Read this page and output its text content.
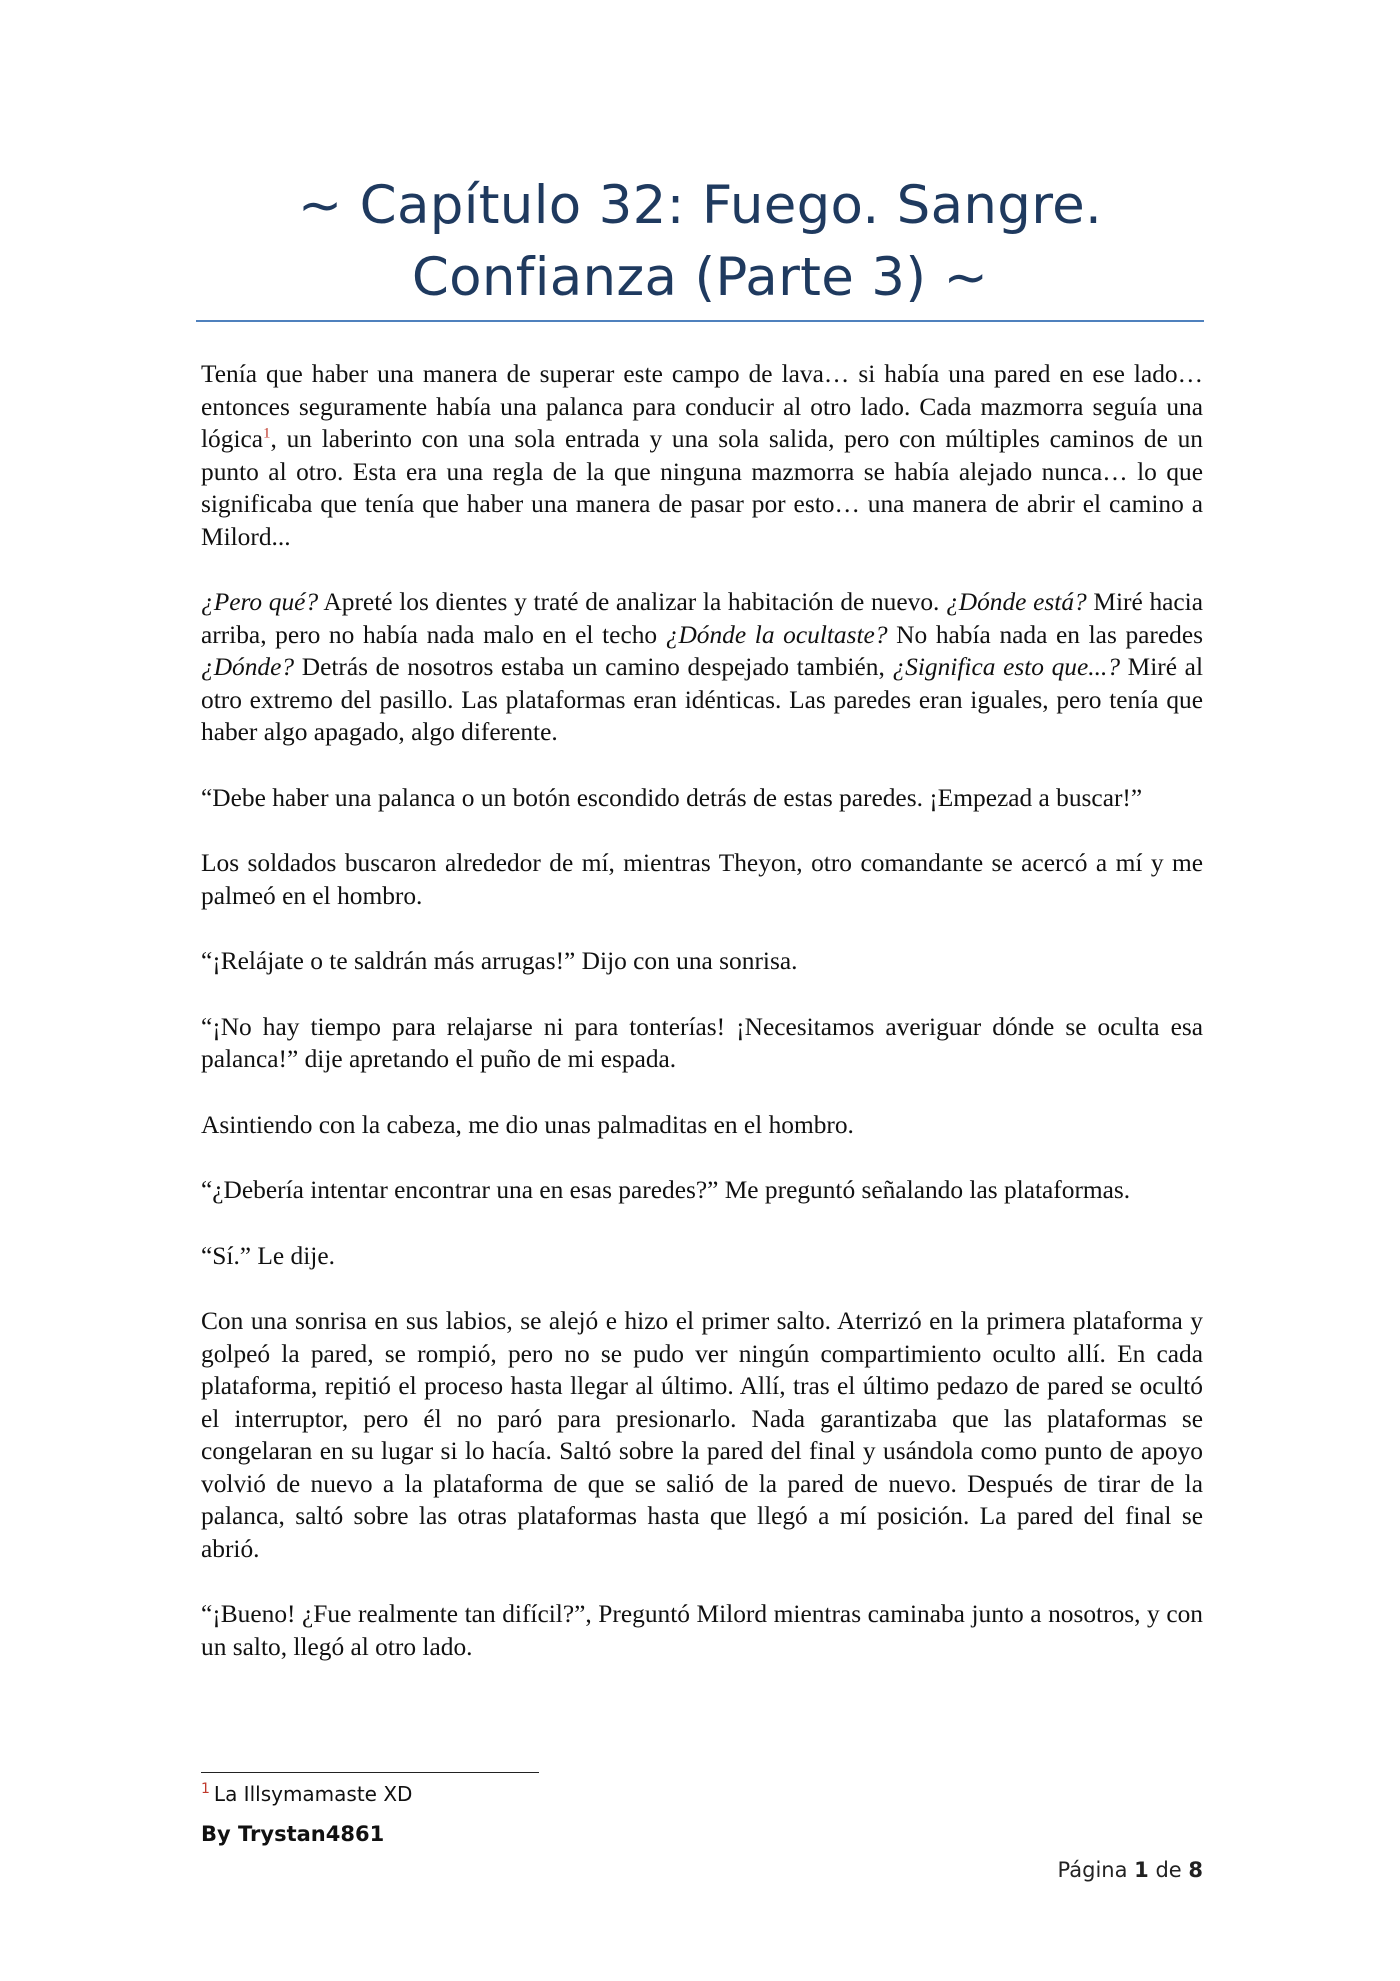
~ Capítulo 32: Fuego. Sangre.
Confianza (Parte 3) ~

Tenía que haber una manera de superar este campo de lava… si había una pared en ese lado… entonces seguramente había una palanca para conducir al otro lado. Cada mazmorra seguía una lógica$^1$, un laberinto con una sola entrada y una sola salida, pero con múltiples caminos de un punto al otro. Esta era una regla de la que ninguna mazmorra se había alejado nunca… lo que significaba que tenía que haber una manera de pasar por esto… una manera de abrir el camino a Milord...

¿Pero qué? Apreté los dientes y traté de analizar la habitación de nuevo. ¿Dónde está? Miré hacia arriba, pero no había nada malo en el techo ¿Dónde la ocultaste? No había nada en las paredes ¿Dónde? Detrás de nosotros estaba un camino despejado también, ¿Significa esto que...? Miré al otro extremo del pasillo. Las plataformas eran idénticas. Las paredes eran iguales, pero tenía que haber algo apagado, algo diferente.

“Debe haber una palanca o un botón escondido detrás de estas paredes. ¡Empezad a buscar!”

Los soldados buscaron alrededor de mí, mientras Theyon, otro comandante se acercó a mí y me palmeó en el hombro.

“¡Relájate o te saldrán más arrugas!” Dijo con una sonrisa.

“¡No hay tiempo para relajarse ni para tonterías! ¡Necesitamos averiguar dónde se oculta esa palanca!” dije apretando el puño de mi espada.

Asintiendo con la cabeza, me dio unas palmaditas en el hombro.

“¿Debería intentar encontrar una en esas paredes?” Me preguntó señalando las plataformas.

“Sí.” Le dije.

Con una sonrisa en sus labios, se alejó e hizo el primer salto. Aterrizó en la primera plataforma y golpeó la pared, se rompió, pero no se pudo ver ningún compartimiento oculto allí. En cada plataforma, repitió el proceso hasta llegar al último. Allí, tras el último pedazo de pared se ocultó el interruptor, pero él no paró para presionarlo. Nada garantizaba que las plataformas se congelaran en su lugar si lo hacía. Saltó sobre la pared del final y usándola como punto de apoyo volvió de nuevo a la plataforma de que se salió de la pared de nuevo. Después de tirar de la palanca, saltó sobre las otras plataformas hasta que llegó a mí posición. La pared del final se abrió.

“¡Bueno! ¿Fue realmente tan difícil?”, Preguntó Milord mientras caminaba junto a nosotros, y con un salto, llegó al otro lado.

$^1$ La Illsymamaste XD
By Trystan4861
Página 1 de 8
